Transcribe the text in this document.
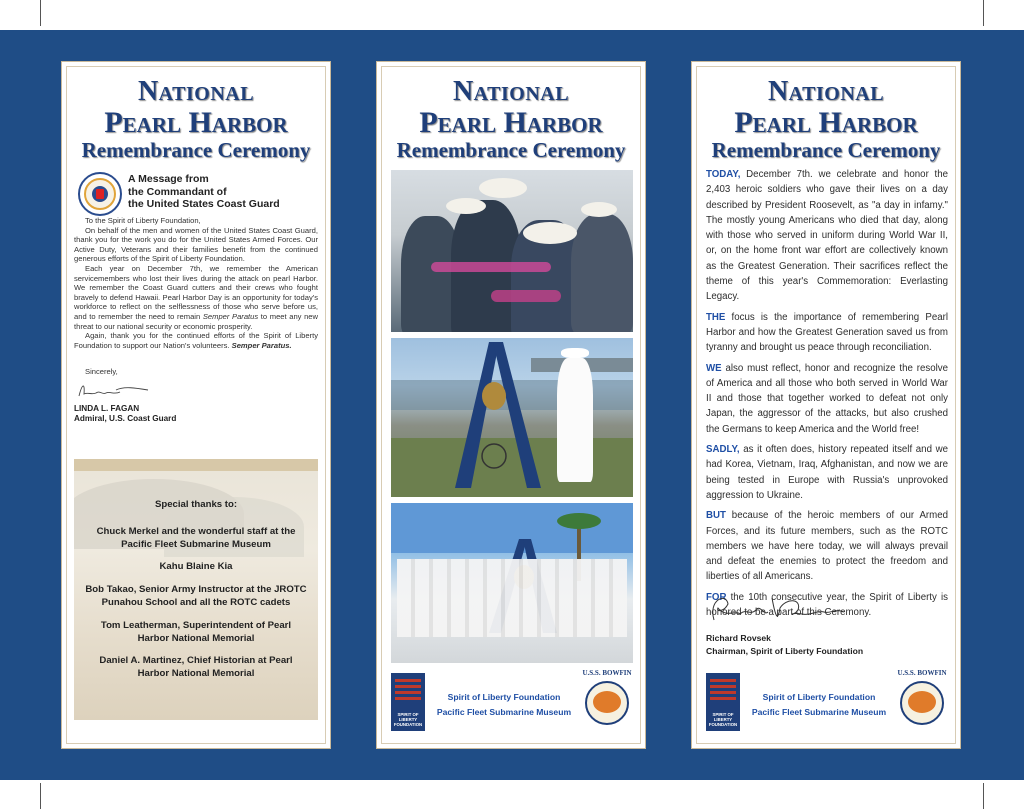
National
Pearl Harbor
Remembrance Ceremony
A Message from
the Commandant of
the United States Coast Guard

To the Spirit of Liberty Foundation,

On behalf of the men and women of the United States Coast Guard, thank you for the work you do for the United States Armed Forces. Our Active Duty, Veterans and their families benefit from the continued generous efforts of the Spirit of Liberty Foundation.

Each year on December 7th, we remember the American servicemembers who lost their lives during the attack on pearl Harbor. We remember the Coast Guard cutters and their crews who fought bravely to defend Hawaii. Pearl Harbor Day is an opportunity for today's workforce to reflect on the selflessness of those who serve before us, and to remember the need to remain Semper Paratus to meet any new threat to our national security or economic prosperity.

Again, thank you for the continued efforts of the Spirit of Liberty Foundation to support our Nation's volunteers. Semper Paratus.

Sincerely,
LINDA L. FAGAN
Admiral, U.S. Coast Guard
Special thanks to:
Chuck Merkel and the wonderful staff at the Pacific Fleet Submarine Museum
Kahu Blaine Kia
Bob Takao, Senior Army Instructor at the JROTC Punahou School and all the ROTC cadets
Tom Leatherman, Superintendent of Pearl Harbor National Memorial
Daniel A. Martinez, Chief Historian at Pearl Harbor National Memorial
National
Pearl Harbor
Remembrance Ceremony
SPIRIT OF
LIBERTY
FOUNDATION
Spirit of Liberty Foundation
Pacific Fleet Submarine Museum
U.S.S. BOWFIN
National
Pearl Harbor
Remembrance Ceremony

TODAY, December 7th. we celebrate and honor the 2,403 heroic soldiers who gave their lives on a day described by President Roosevelt, as "a day in infamy." The mostly young Americans who died that day, along with those who served in uniform during World War II, or, on the home front war effort are collectively known as the Greatest Generation. Their sacrifices reflect the theme of this year's Commemoration: Everlasting Legacy.

THE focus is the importance of remembering Pearl Harbor and how the Greatest Generation saved us from tyranny and brought us peace through reconciliation.

WE also must reflect, honor and recognize the resolve of America and all those who both served in World War II and those that together worked to defeat not only Japan, the aggressor of the attacks, but also crushed the Germans to keep America and the World free!

SADLY, as it often does, history repeated itself and we had Korea, Vietnam, Iraq, Afghanistan, and now we are being tested in Europe with Russia's unprovoked aggression to Ukraine.

BUT because of the heroic members of our Armed Forces, and its future members, such as the ROTC members we have here today, we will always prevail and defeat the enemies to protect the freedom and liberties of all Americans.

FOR the 10th consecutive year, the Spirit of Liberty is honored to be a part of this Ceremony.

Richard Rovsek
Chairman, Spirit of Liberty Foundation
SPIRIT OF
LIBERTY
FOUNDATION
Spirit of Liberty Foundation
Pacific Fleet Submarine Museum
U.S.S. BOWFIN
